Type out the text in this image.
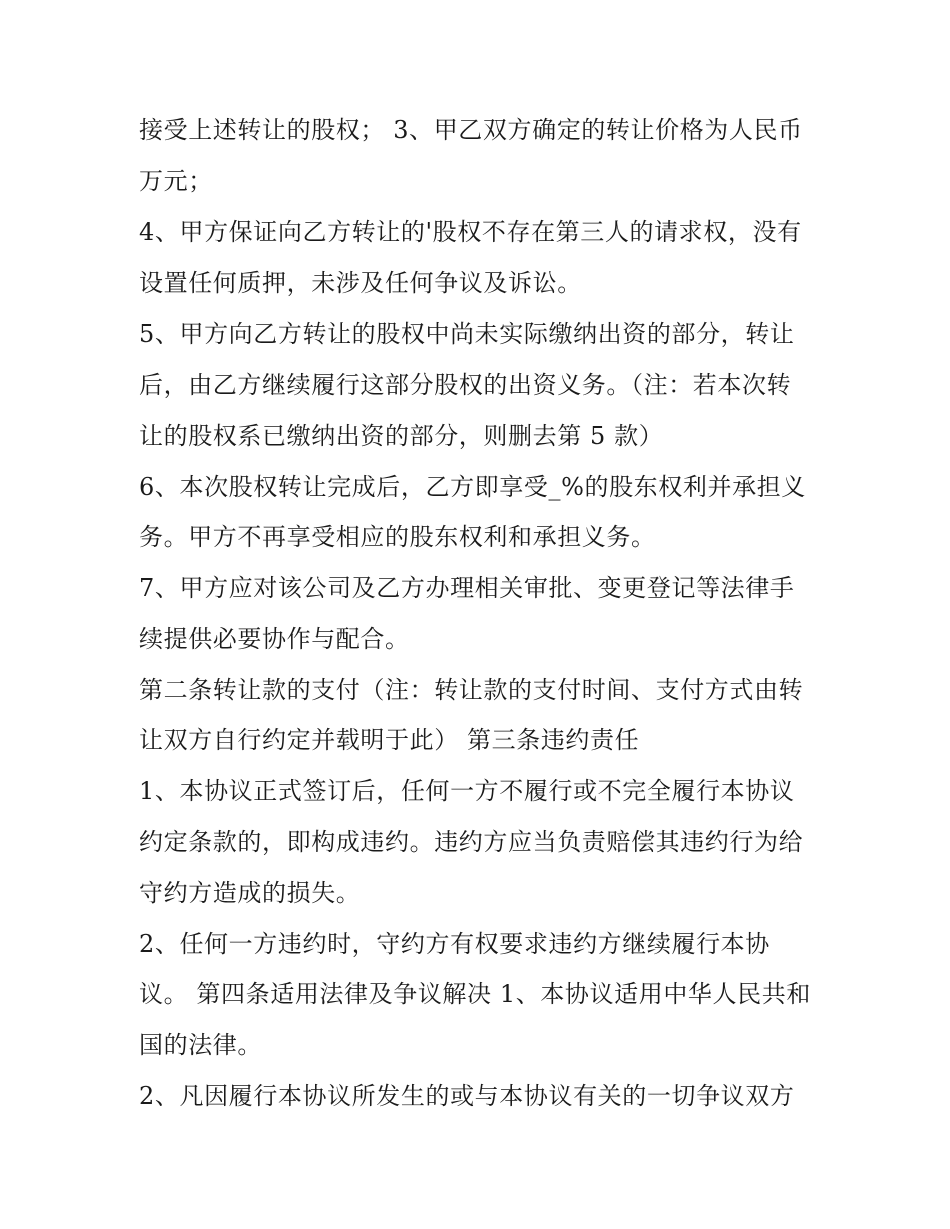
接受上述转让的股权； 3、甲乙双方确定的转让价格为人民币
万元；
4、甲方保证向乙方转让的'股权不存在第三人的请求权，没有
设置任何质押，未涉及任何争议及诉讼。
5、甲方向乙方转让的股权中尚未实际缴纳出资的部分，转让
后，由乙方继续履行这部分股权的出资义务。（注：若本次转
让的股权系已缴纳出资的部分，则删去第 5 款）
6、本次股权转让完成后，乙方即享受_%的股东权利并承担义
务。甲方不再享受相应的股东权利和承担义务。
7、甲方应对该公司及乙方办理相关审批、变更登记等法律手
续提供必要协作与配合。
第二条转让款的支付（注：转让款的支付时间、支付方式由转
让双方自行约定并载明于此） 第三条违约责任
1、本协议正式签订后，任何一方不履行或不完全履行本协议
约定条款的，即构成违约。违约方应当负责赔偿其违约行为给
守约方造成的损失。
2、任何一方违约时，守约方有权要求违约方继续履行本协
议。 第四条适用法律及争议解决 1、本协议适用中华人民共和
国的法律。
2、凡因履行本协议所发生的或与本协议有关的一切争议双方
